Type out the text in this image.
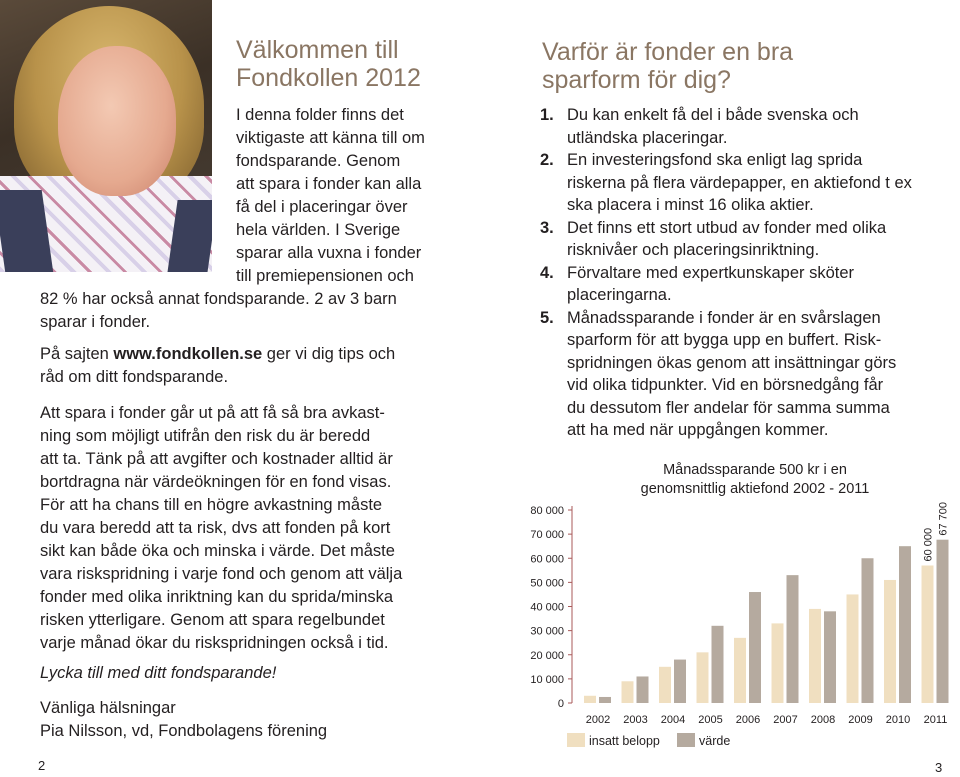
Välkommen till
Fondkollen 2012
I denna folder finns det
viktigaste att känna till om
fondsparande. Genom
att spara i fonder kan alla
få del i placeringar över
hela världen. I Sverige
sparar alla vuxna i fonder
till premiepensionen och
82 % har också annat fondsparande. 2 av 3 barn
sparar i fonder.
På sajten www.fondkollen.se ger vi dig tips och
råd om ditt fondsparande.
Att spara i fonder går ut på att få så bra avkast-
ning som möjligt utifrån den risk du är beredd
att ta. Tänk på att avgifter och kostnader alltid är
bortdragna när värdeökningen för en fond visas.
För att ha chans till en högre avkastning måste
du vara beredd att ta risk, dvs att fonden på kort
sikt kan både öka och minska i värde. Det måste
vara riskspridning i varje fond och genom att välja
fonder med olika inriktning kan du sprida/minska
risken ytterligare. Genom att spara regelbundet
varje månad ökar du riskspridningen också i tid.
Lycka till med ditt fondsparande!
Vänliga hälsningar
Pia Nilsson, vd, Fondbolagens förening
2
Varför är fonder en bra
sparform för dig?
1. Du kan enkelt få del i både svenska och
utländska placeringar.
2. En investeringsfond ska enligt lag sprida
riskerna på flera värdepapper, en aktiefond t ex
ska placera i minst 16 olika aktier.
3. Det finns ett stort utbud av fonder med olika
risknivåer och placeringsinriktning.
4. Förvaltare med expertkunskaper sköter
placeringarna.
5. Månadssparande i fonder är en svårslagen
sparform för att bygga upp en buffert. Risk-
spridningen ökas genom att insättningar görs
vid olika tidpunkter. Vid en börsnedgång får
du dessutom fler andelar för samma summa
att ha med när uppgången kommer.
Månadssparande 500 kr i en
genomsnittlig aktiefond 2002 - 2011
0
10 000
20 000
30 000
40 000
50 000
60 000
70 000
80 000
2002 2003 2004 2005 2006 2007 2008 2009 2010 2011
60 000
67 700
insatt belopp	värde
3
